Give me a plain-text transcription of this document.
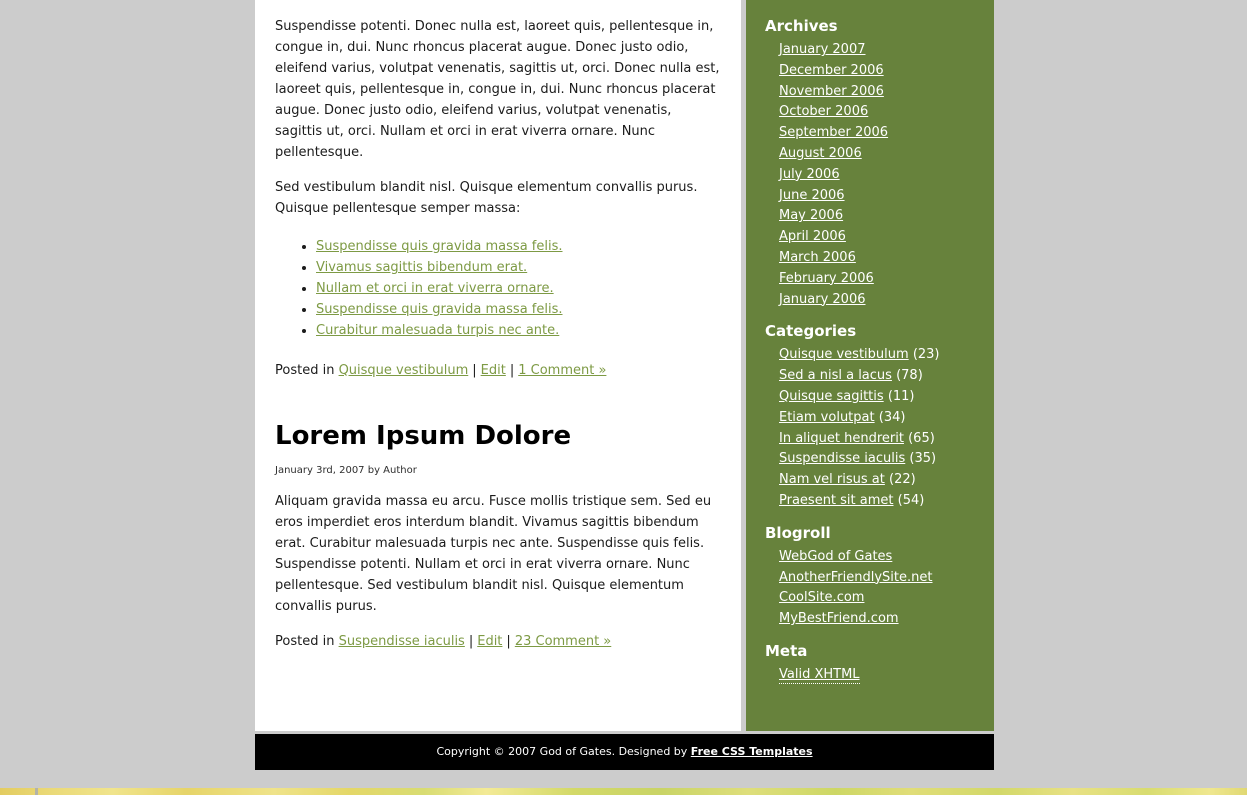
Suspendisse potenti. Donec nulla est, laoreet quis, pellentesque in, congue in, dui. Nunc rhoncus placerat augue. Donec justo odio, eleifend varius, volutpat venenatis, sagittis ut, orci. Donec nulla est, laoreet quis, pellentesque in, congue in, dui. Nunc rhoncus placerat augue. Donec justo odio, eleifend varius, volutpat venenatis, sagittis ut, orci. Nullam et orci in erat viverra ornare. Nunc pellentesque.

Sed vestibulum blandit nisl. Quisque elementum convallis purus. Quisque pellentesque semper massa:

• Suspendisse quis gravida massa felis.
• Vivamus sagittis bibendum erat.
• Nullam et orci in erat viverra ornare.
• Suspendisse quis gravida massa felis.
• Curabitur malesuada turpis nec ante.

Posted in Quisque vestibulum | Edit | 1 Comment »

Lorem Ipsum Dolore

January 3rd, 2007 by Author

Aliquam gravida massa eu arcu. Fusce mollis tristique sem. Sed eu eros imperdiet eros interdum blandit. Vivamus sagittis bibendum erat. Curabitur malesuada turpis nec ante. Suspendisse quis felis. Suspendisse potenti. Nullam et orci in erat viverra ornare. Nunc pellentesque. Sed vestibulum blandit nisl. Quisque elementum convallis purus.

Posted in Suspendisse iaculis | Edit | 23 Comment »

Archives
January 2007
December 2006
November 2006
October 2006
September 2006
August 2006
July 2006
June 2006
May 2006
April 2006
March 2006
February 2006
January 2006
Categories
Quisque vestibulum (23)
Sed a nisl a lacus (78)
Quisque sagittis (11)
Etiam volutpat (34)
In aliquet hendrerit (65)
Suspendisse iaculis (35)
Nam vel risus at (22)
Praesent sit amet (54)
Blogroll
WebGod of Gates
AnotherFriendlySite.net
CoolSite.com
MyBestFriend.com
Meta
Valid XHTML
Copyright © 2007 God of Gates. Designed by Free CSS Templates
